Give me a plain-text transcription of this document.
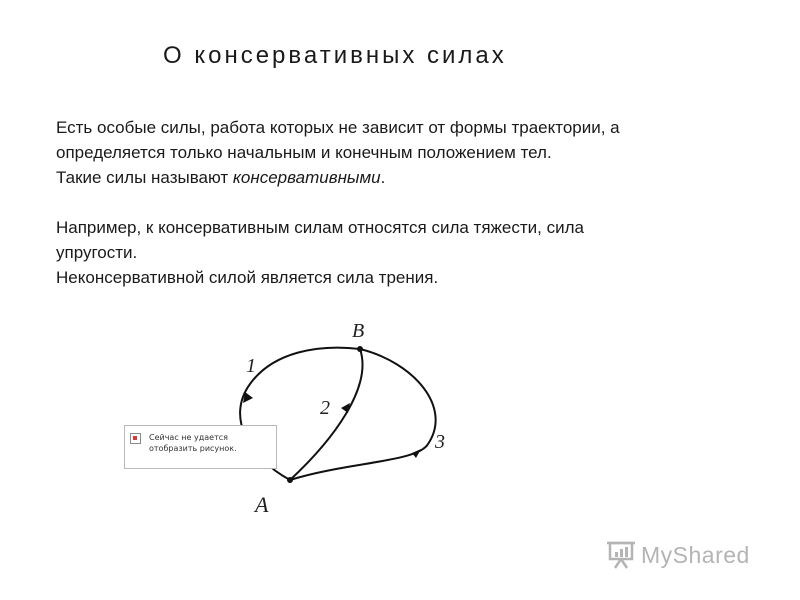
О консервативных силах

Есть особые силы, работа которых не зависит от формы траектории, а

определяется только начальным и конечным положением тел.

Такие силы называют консервативными.

Например, к консервативным силам относятся сила тяжести, сила

упругости.

Неконсервативной силой является сила трения.

B
A
1
2
3
Сейчас не удается отобразить рисунок.
MyShared
